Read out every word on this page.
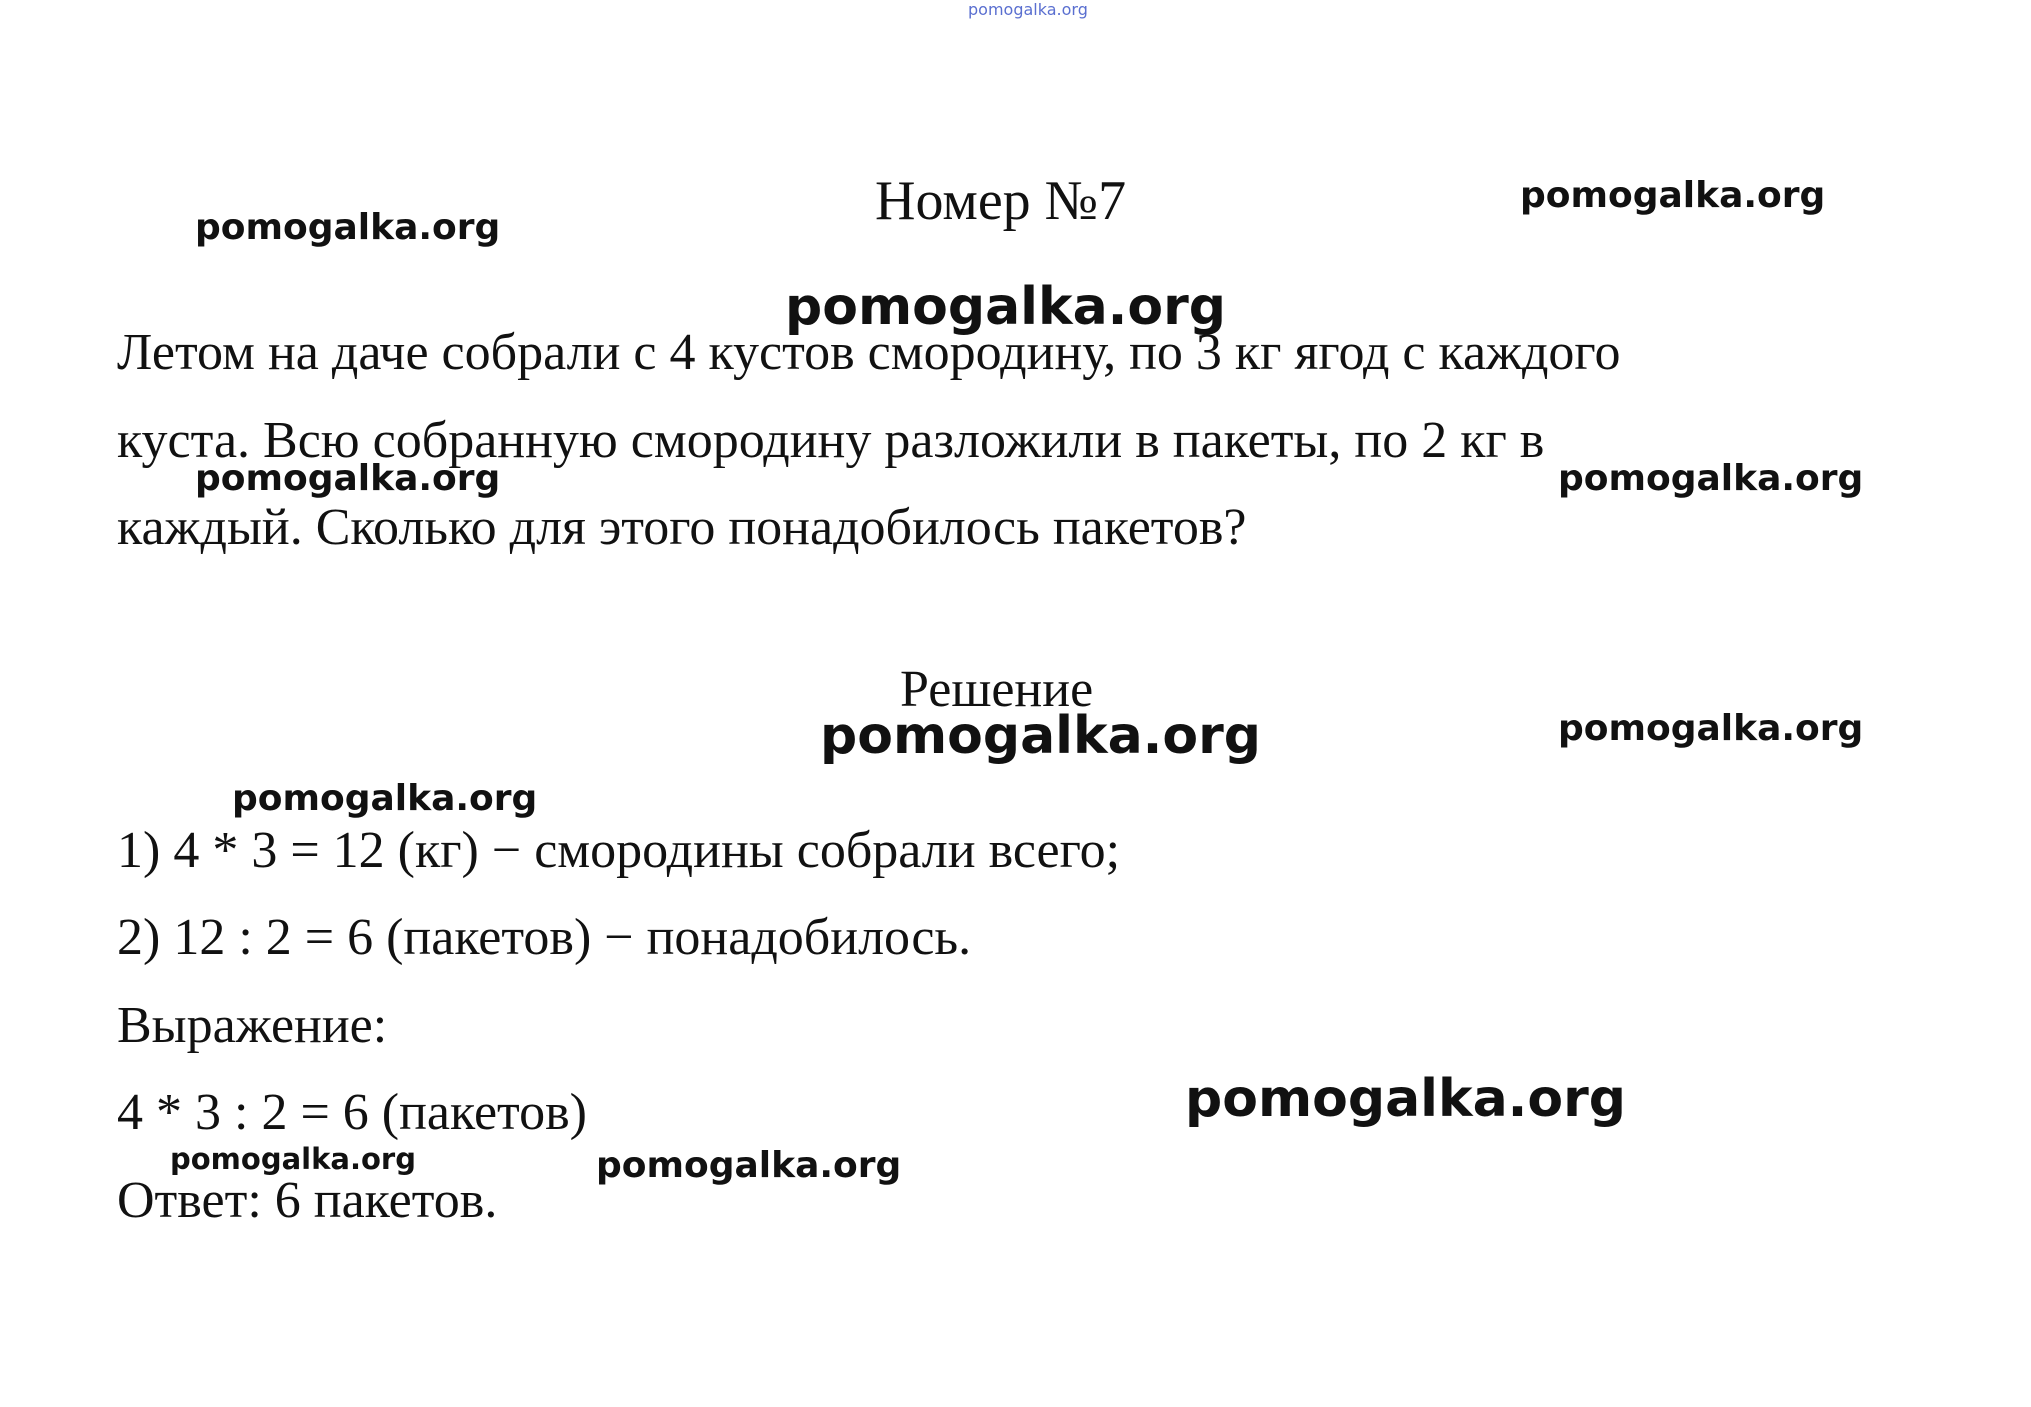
pomogalka.org
Номер №7
Летом на даче собрали с 4 кустов смородину, по 3 кг ягод с каждого
куста. Всю собранную смородину разложили в пакеты, по 2 кг в
каждый. Сколько для этого понадобилось пакетов?
Решение
1) 4 * 3 = 12 (кг) − смородины собрали всего;
2) 12 : 2 = 6 (пакетов) − понадобилось.
Выражение:
4 * 3 : 2 = 6 (пакетов)
Ответ: 6 пакетов.
pomogalka.org
pomogalka.org
pomogalka.org
pomogalka.org	pomogalka.org
pomogalka.org	pomogalka.org
pomogalka.org
pomogalka.org
pomogalka.org	pomogalka.org
